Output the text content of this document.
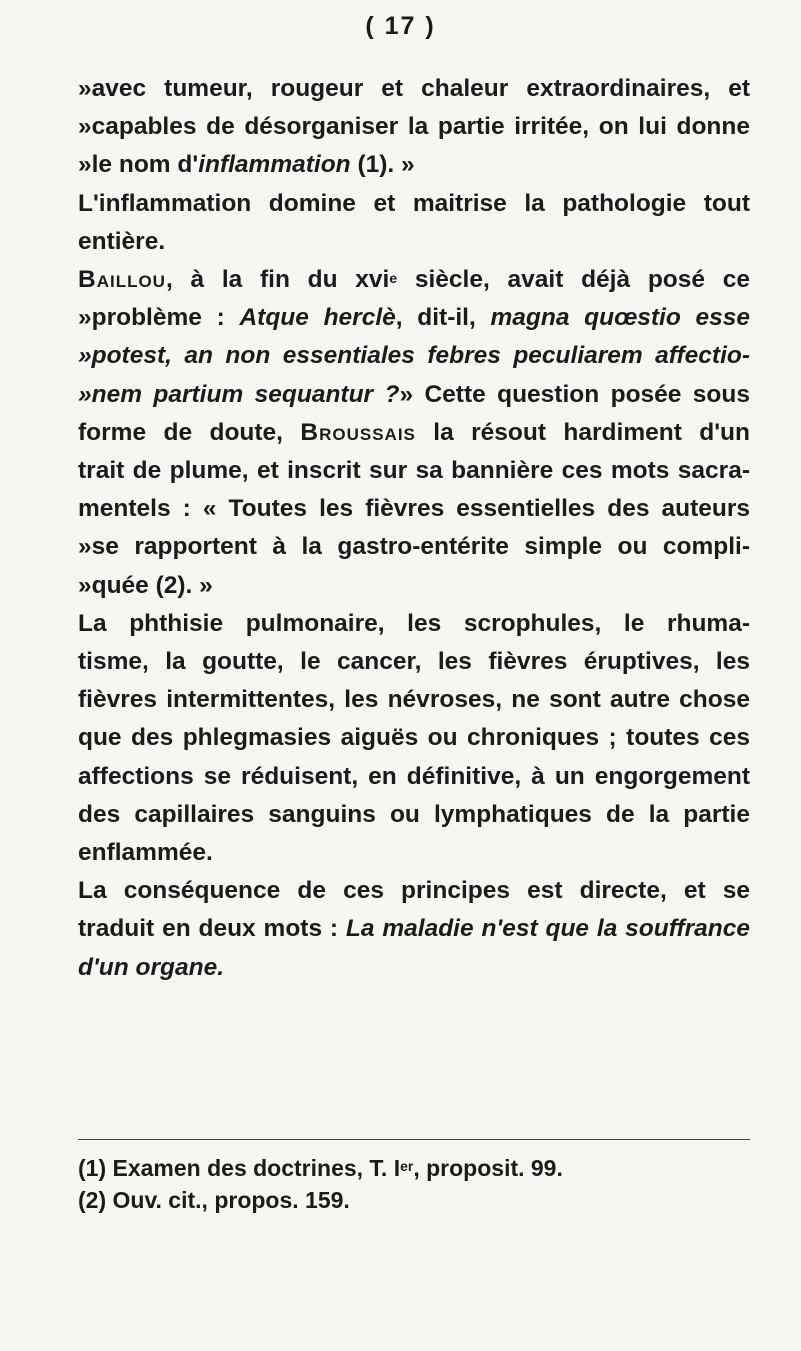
( 17 )

»avec tumeur, rougeur et chaleur extraordinaires, et
»capables de désorganiser la partie irritée, on lui donne
»le nom d'inflammation (1). »

L'inflammation domine et maitrise la pathologie tout
entière.

Baillou, à la fin du xvi$^e$ siècle, avait déjà posé ce
»problème : Atque herclè, dit-il, magna quœstio esse
»potest, an non essentiales febres peculiarem affectio-
»nem partium sequantur ?» Cette question posée sous
forme de doute, Broussais la résout hardiment d'un
trait de plume, et inscrit sur sa bannière ces mots sacra-
mentels : « Toutes les fièvres essentielles des auteurs
»se rapportent à la gastro-entérite simple ou compli-
»quée (2). »

La phthisie pulmonaire, les scrophules, le rhuma-
tisme, la goutte, le cancer, les fièvres éruptives, les
fièvres intermittentes, les névroses, ne sont autre chose
que des phlegmasies aiguës ou chroniques ; toutes ces
affections se réduisent, en définitive, à un engorgement
des capillaires sanguins ou lymphatiques de la partie
enflammée.

La conséquence de ces principes est directe, et se
traduit en deux mots : La maladie n'est que la souffrance
d'un organe.

(1) Examen des doctrines, T. Ier, proposit. 99.
(2) Ouv. cit., propos. 159.
